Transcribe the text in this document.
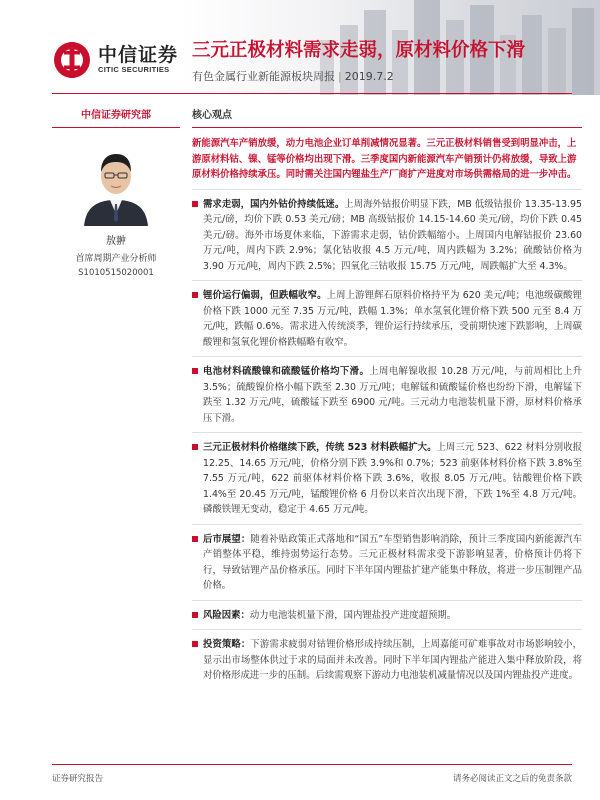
中信证券
CITIC SECURITIES
三元正极材料需求走弱，原材料价格下滑
有色金属行业新能源板块周报 | 2019.7.2
中信证券研究部
敖翀
首席周期产业分析师
S1010515020001
核心观点
新能源汽车产销放缓，动力电池企业订单削减情况显著。三元正极材料销售受到明显冲击，上游原材料钴、镍、锰等价格均出现下滑。三季度国内新能源汽车产销预计仍将放缓，导致上游原材料价格持续承压。同时需关注国内锂盐生产厂商扩产进度对市场供需格局的进一步冲击。
需求走弱，国内外钴价持续低迷。上周海外钴报价明显下跌，MB 低级钴报价 13.35-13.95 美元/磅，均价下跌 0.53 美元/磅；MB 高级钴报价 14.15-14.60 美元/磅，均价下跌 0.45 美元/磅。海外市场夏休来临，下游需求走弱，钴价跌幅缩小。上周国内电解钴报价 23.60 万元/吨，周内下跌 2.9%；氯化钴收报 4.5 万元/吨，周内跌幅为 3.2%；硫酸钴价格为 3.90 万元/吨，周内下跌 2.5%；四氧化三钴收报 15.75 万元/吨，周跌幅扩大至 4.3%。
锂价运行偏弱，但跌幅收窄。上周上游锂辉石原料价格持平为 620 美元/吨；电池级碳酸锂价格下跌 1000 元至 7.35 万元/吨，跌幅 1.3%；单水氢氧化锂价格下跌 500 元至 8.4 万元/吨，跌幅 0.6%。需求进入传统淡季，锂价运行持续承压，受前期快速下跌影响，上周碳酸锂和氢氧化锂价格跌幅略有收窄。
电池材料硫酸镍和硫酸锰价格均下滑。上周电解镍收报 10.28 万元/吨，与前周相比上升 3.5%；硫酸镍价格小幅下跌至 2.30 万元/吨；电解锰和硫酸锰价格也纷纷下滑，电解锰下跌至 1.32 万元/吨，硫酸锰下跌至 6900 元/吨。三元动力电池装机量下滑，原材料价格承压下滑。
三元正极材料价格继续下跌，传统 523 材料跌幅扩大。上周三元 523、622 材料分别收报 12.25、14.65 万元/吨，价格分别下跌 3.9%和 0.7%；523 前驱体材料价格下跌 3.8%至 7.55 万元/吨，622 前驱体材料价格下跌 3.6%，收报 8.05 万元/吨。钴酸锂价格下跌 1.4%至 20.45 万元/吨，锰酸锂价格 6 月份以来首次出现下滑，下跌 1%至 4.8 万元/吨。磷酸铁锂无变动，稳定于 4.65 万元/吨。
后市展望：随着补贴政策正式落地和“国五”车型销售影响消除，预计三季度国内新能源汽车产销整体平稳，维持弱势运行态势。三元正极材料需求受下游影响显著，价格预计仍将下行，导致钴锂产品价格承压。同时下半年国内锂盐扩建产能集中释放，将进一步压制锂产品价格。
风险因素：动力电池装机量下滑，国内锂盐投产进度超预期。
投资策略：下游需求疲弱对钴锂价格形成持续压制，上周嘉能可矿难事故对市场影响较小，显示出市场整体供过于求的局面并未改善。同时下半年国内锂盐产能进入集中释放阶段，将对价格形成进一步的压制。后续需观察下游动力电池装机减量情况以及国内锂盐投产进度。
证券研究报告	请务必阅读正文之后的免责条款
